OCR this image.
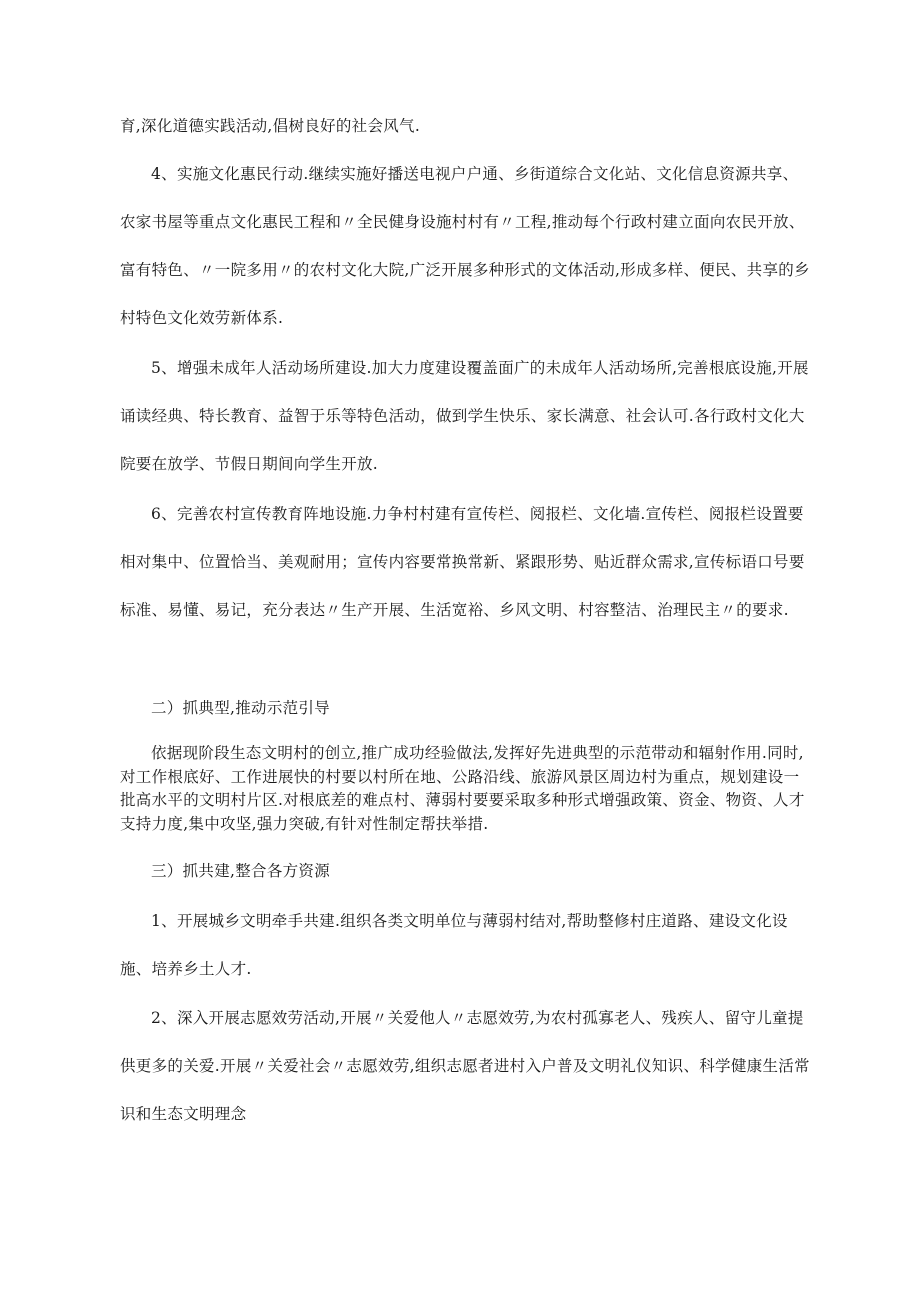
育,深化道德实践活动,倡树良好的社会风气.

4、实施文化惠民行动.继续实施好播送电视户户通、乡街道综合文化站、文化信息资源共享、农家书屋等重点文化惠民工程和〃全民健身设施村村有〃工程,推动每个行政村建立面向农民开放、富有特色、〃一院多用〃的农村文化大院,广泛开展多种形式的文体活动,形成多样、便民、共享的乡村特色文化效劳新体系.

5、增强未成年人活动场所建设.加大力度建设覆盖面广的未成年人活动场所,完善根底设施,开展诵读经典、特长教育、益智于乐等特色活动，做到学生快乐、家长满意、社会认可.各行政村文化大院要在放学、节假日期间向学生开放.

6、完善农村宣传教育阵地设施.力争村村建有宣传栏、阅报栏、文化墙.宣传栏、阅报栏设置要相对集中、位置恰当、美观耐用；宣传内容要常换常新、紧跟形势、贴近群众需求,宣传标语口号要标准、易懂、易记，充分表达〃生产开展、生活宽裕、乡风文明、村容整洁、治理民主〃的要求.

二）抓典型,推动示范引导

依据现阶段生态文明村的创立,推广成功经验做法,发挥好先进典型的示范带动和辐射作用.同时,对工作根底好、工作进展快的村要以村所在地、公路沿线、旅游风景区周边村为重点，规划建设一批高水平的文明村片区.对根底差的难点村、薄弱村要要采取多种形式增强政策、资金、物资、人才支持力度,集中攻坚,强力突破,有针对性制定帮扶举措.

三）抓共建,整合各方资源

1、开展城乡文明牵手共建.组织各类文明单位与薄弱村结对,帮助整修村庄道路、建设文化设施、培养乡土人才.

2、深入开展志愿效劳活动,开展〃关爱他人〃志愿效劳,为农村孤寡老人、残疾人、留守儿童提供更多的关爱.开展〃关爱社会〃志愿效劳,组织志愿者进村入户普及文明礼仪知识、科学健康生活常识和生态文明理念
